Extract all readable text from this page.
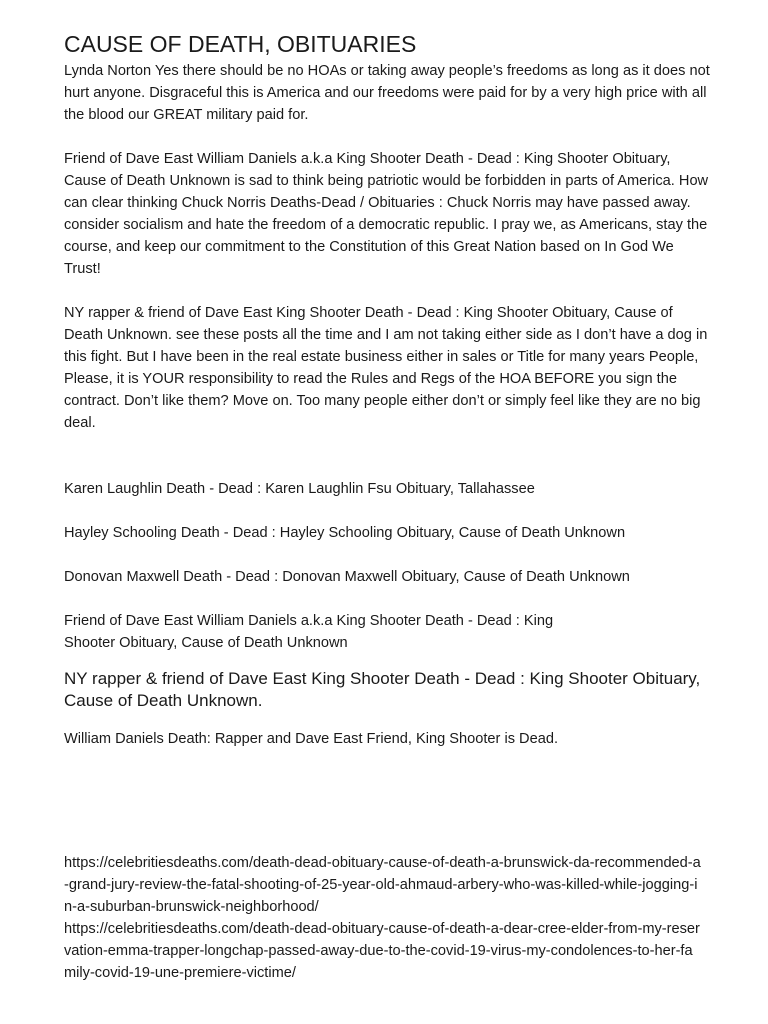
CAUSE OF DEATH, OBITUARIES

Lynda Norton Yes there should be no HOAs or taking away people’s freedoms as long as it does not hurt anyone. Disgraceful this is America and our freedoms were paid for by a very high price with all the blood our GREAT military paid for.

Friend of Dave East William Daniels a.k.a King Shooter Death - Dead : King Shooter Obituary, Cause of Death Unknown is sad to think being patriotic would be forbidden in parts of America. How can clear thinking Chuck Norris Deaths-Dead / Obituaries : Chuck Norris may have passed away. consider socialism and hate the freedom of a democratic republic. I pray we, as Americans, stay the course, and keep our commitment to the Constitution of this Great Nation based on In God We Trust!

NY rapper & friend of Dave East King Shooter Death - Dead : King Shooter Obituary, Cause of Death Unknown. see these posts all the time and I am not taking either side as I don’t have a dog in this fight. But I have been in the real estate business either in sales or Title for many years People, Please, it is YOUR responsibility to read the Rules and Regs of the HOA BEFORE you sign the contract. Don’t like them? Move on. Too many people either don’t or simply feel like they are no big deal.

Karen Laughlin Death - Dead : Karen Laughlin Fsu Obituary, Tallahassee

Hayley Schooling Death - Dead : Hayley Schooling Obituary, Cause of Death Unknown

Donovan Maxwell Death - Dead : Donovan Maxwell Obituary, Cause of Death Unknown

Friend of Dave East William Daniels a.k.a King Shooter Death - Dead : King
Shooter Obituary, Cause of Death Unknown

NY rapper & friend of Dave East King Shooter Death - Dead : King Shooter Obituary, Cause of Death Unknown.

William Daniels Death: Rapper and Dave East Friend, King Shooter is Dead.

https://celebritiesdeaths.com/death-dead-obituary-cause-of-death-a-brunswick-da-recommended-a-grand-jury-review-the-fatal-shooting-of-25-year-old-ahmaud-arbery-who-was-killed-while-jogging-in-a-suburban-brunswick-neighborhood/
https://celebritiesdeaths.com/death-dead-obituary-cause-of-death-a-dear-cree-elder-from-my-reservation-emma-trapper-longchap-passed-away-due-to-the-covid-19-virus-my-condolences-to-her-family-covid-19-une-premiere-victime/
